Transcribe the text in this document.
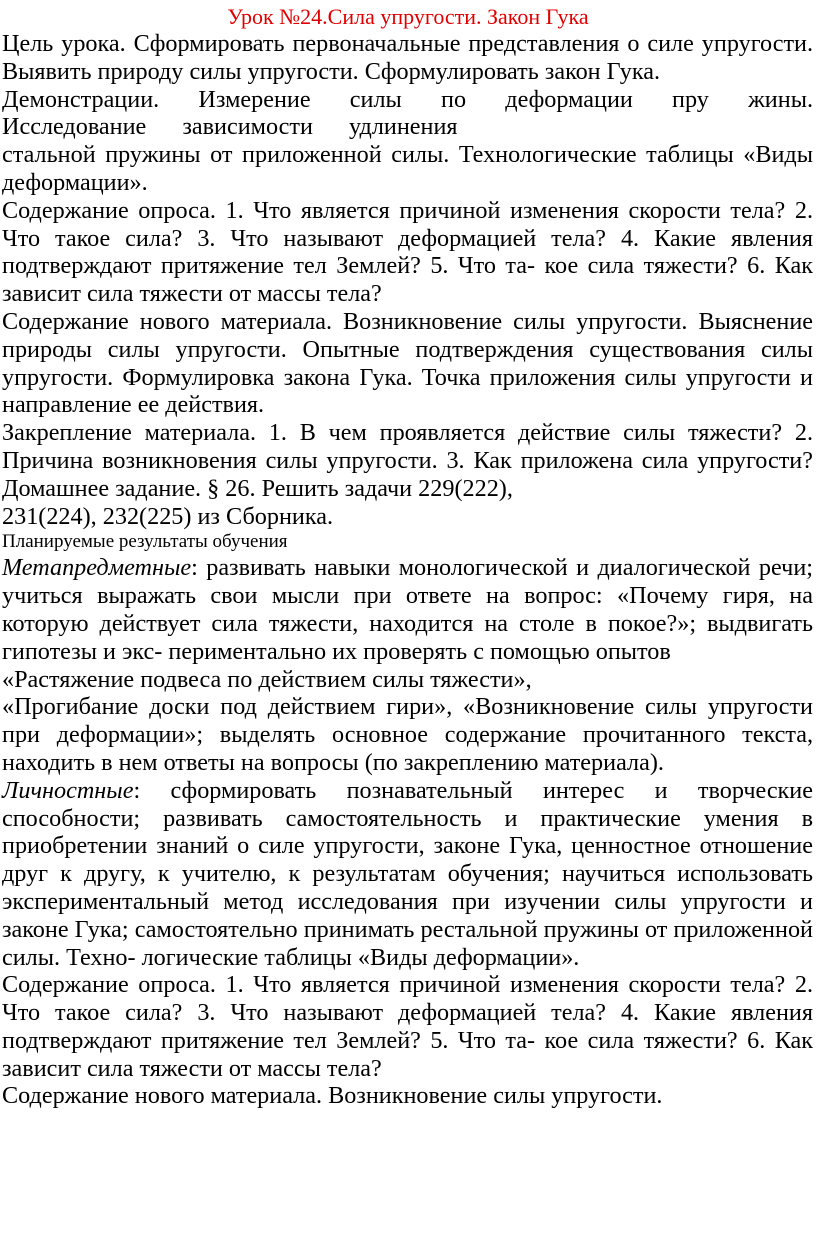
Урок №24.Сила упругости. Закон Гука

Цель урока. Сформировать первоначальные представления о силе упругости. Выявить природу силы упругости. Сформулировать закон Гука.

Демонстрации. Измерение силы по деформации пру жины.
Исследование зависимости удлинения
стальной пружины от приложенной силы. Технологические таблицы «Виды деформации».

Содержание опроса. 1. Что является причиной изменения скорости тела? 2. Что такое сила? 3. Что называют деформацией тела? 4. Какие явления подтверждают притяжение тел Землей? 5. Что та- кое сила тяжести? 6. Как зависит сила тяжести от массы тела?

Содержание нового материала. Возникновение силы упругости. Выяснение природы силы упругости. Опытные подтверждения существования силы упругости. Формулировка закона Гука. Точка приложения силы упругости и направление ее действия.

Закрепление материала. 1. В чем проявляется действие силы тяжести? 2. Причина возникновения силы упругости. 3. Как приложена сила упругости? Домашнее задание. § 26. Решить задачи 229(222),
231(224), 232(225) из Сборника.

Планируемые результаты обучения

Метапредметные: развивать навыки монологической и диалогической речи; учиться выражать свои мысли при ответе на вопрос: «Почему гиря, на которую действует сила тяжести, находится на столе в покое?»; выдвигать гипотезы и экс- периментально их проверять с помощью опытов
«Растяжение подвеса по действием силы тяжести»,
«Прогибание доски под действием гири», «Возникновение силы упругости при деформации»; выделять основное содержание прочитанного текста, находить в нем ответы на вопросы (по закреплению материала).

Личностные: сформировать познавательный интерес и творческие способности; развивать самостоятельность и практические умения в приобретении знаний о силе упругости, законе Гука, ценностное отношение друг к другу, к учителю, к результатам обучения; научиться использовать экспериментальный метод исследования при изучении силы упругости и законе Гука; самостоятельно принимать рестальной пружины от приложенной силы. Техно- логические таблицы «Виды деформации».

Содержание опроса. 1. Что является причиной изменения скорости тела? 2. Что такое сила? 3. Что называют деформацией тела? 4. Какие явления подтверждают притяжение тел Землей? 5. Что та- кое сила тяжести? 6. Как зависит сила тяжести от массы тела?

Содержание нового материала. Возникновение силы упругости.
